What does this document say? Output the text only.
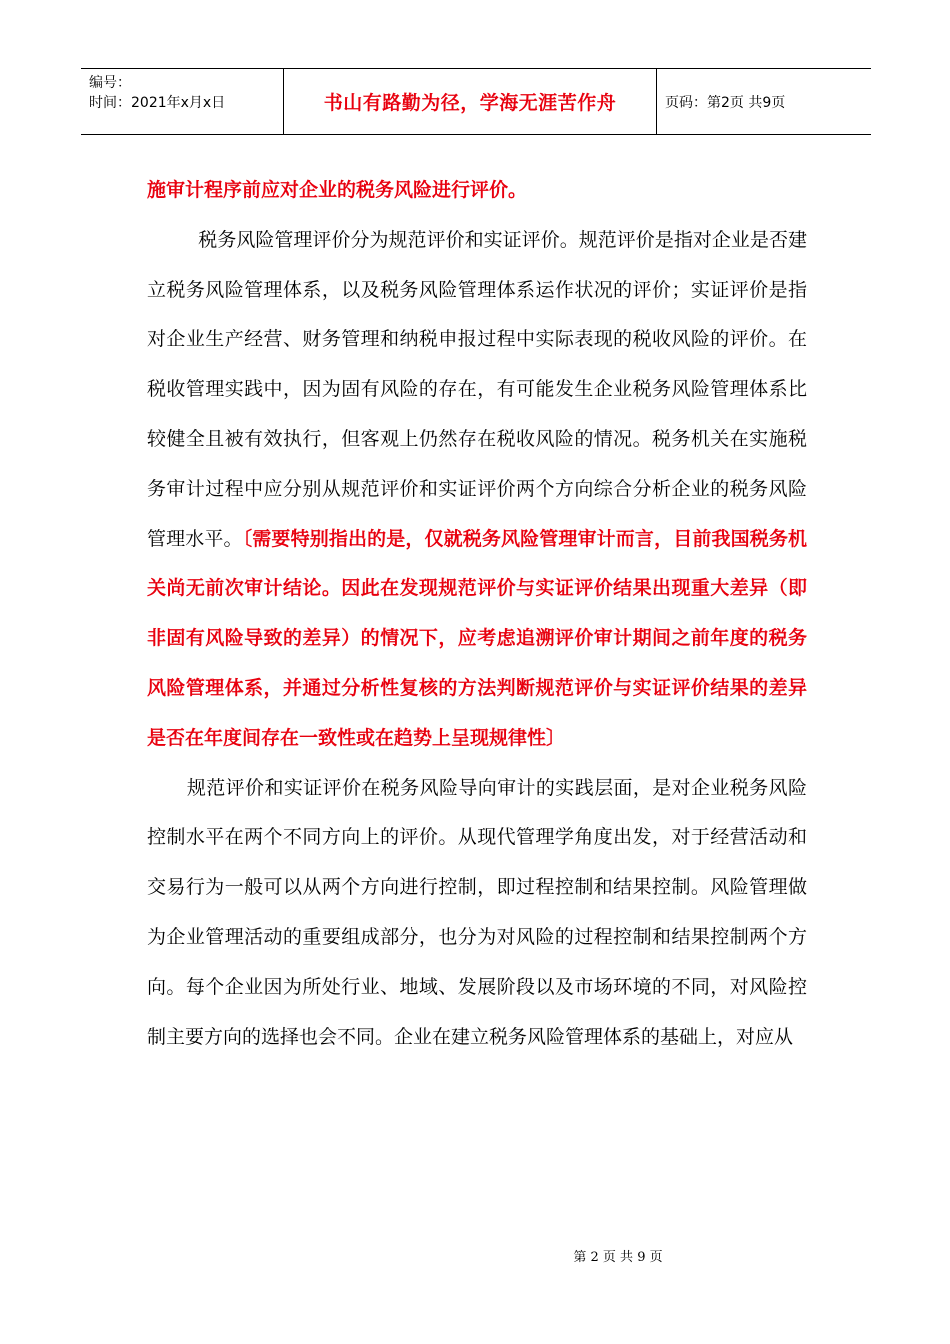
编号：
时间：2021年x月x日	书山有路勤为径，学海无涯苦作舟	页码：第2页 共9页

施审计程序前应对企业的税务风险进行评价。

税务风险管理评价分为规范评价和实证评价。规范评价是指对企业是否建立税务风险管理体系，以及税务风险管理体系运作状况的评价；实证评价是指对企业生产经营、财务管理和纳税申报过程中实际表现的税收风险的评价。在税收管理实践中，因为固有风险的存在，有可能发生企业税务风险管理体系比较健全且被有效执行，但客观上仍然存在税收风险的情况。税务机关在实施税务审计过程中应分别从规范评价和实证评价两个方向综合分析企业的税务风险管理水平。〔需要特别指出的是，仅就税务风险管理审计而言，目前我国税务机关尚无前次审计结论。因此在发现规范评价与实证评价结果出现重大差异（即非固有风险导致的差异）的情况下，应考虑追溯评价审计期间之前年度的税务风险管理体系，并通过分析性复核的方法判断规范评价与实证评价结果的差异是否在年度间存在一致性或在趋势上呈现规律性〕

规范评价和实证评价在税务风险导向审计的实践层面，是对企业税务风险控制水平在两个不同方向上的评价。从现代管理学角度出发，对于经营活动和交易行为一般可以从两个方向进行控制，即过程控制和结果控制。风险管理做为企业管理活动的重要组成部分，也分为对风险的过程控制和结果控制两个方向。每个企业因为所处行业、地域、发展阶段以及市场环境的不同，对风险控制主要方向的选择也会不同。企业在建立税务风险管理体系的基础上，对应从

第 2 页 共 9 页
